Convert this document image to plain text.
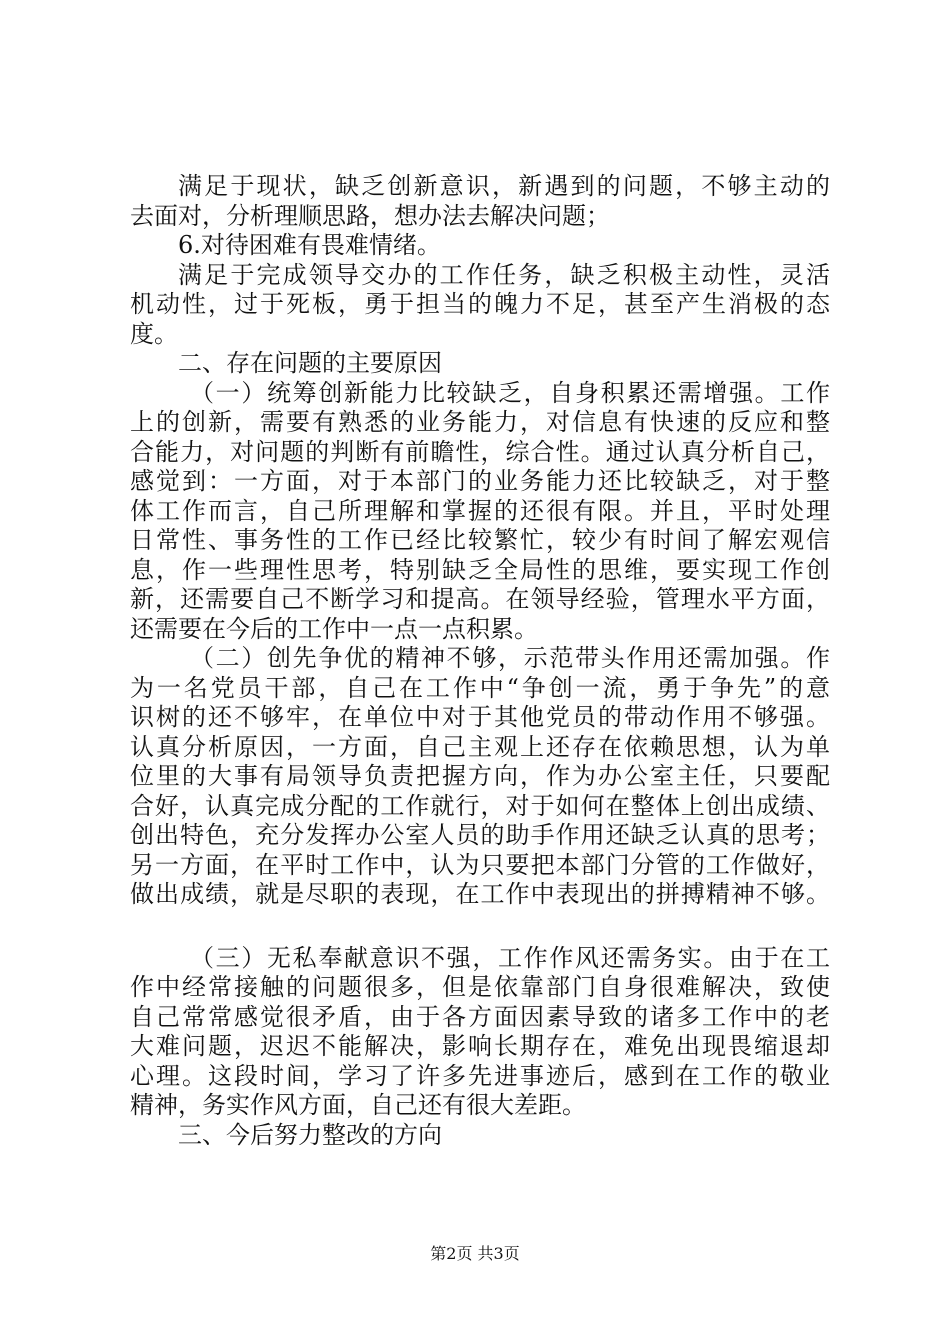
满足于现状，缺乏创新意识，新遇到的问题，不够主动的
去面对，分析理顺思路，想办法去解决问题；
6.对待困难有畏难情绪。
满足于完成领导交办的工作任务，缺乏积极主动性，灵活
机动性，过于死板，勇于担当的魄力不足，甚至产生消极的态
度。
二、存在问题的主要原因
（一）统筹创新能力比较缺乏，自身积累还需增强。工作
上的创新，需要有熟悉的业务能力，对信息有快速的反应和整
合能力，对问题的判断有前瞻性，综合性。通过认真分析自己，
感觉到：一方面，对于本部门的业务能力还比较缺乏，对于整
体工作而言，自己所理解和掌握的还很有限。并且，平时处理
日常性、事务性的工作已经比较繁忙，较少有时间了解宏观信
息，作一些理性思考，特别缺乏全局性的思维，要实现工作创
新，还需要自己不断学习和提高。在领导经验，管理水平方面，
还需要在今后的工作中一点一点积累。
（二）创先争优的精神不够，示范带头作用还需加强。作
为一名党员干部，自己在工作中“争创一流，勇于争先”的意
识树的还不够牢，在单位中对于其他党员的带动作用不够强。
认真分析原因，一方面，自己主观上还存在依赖思想，认为单
位里的大事有局领导负责把握方向，作为办公室主任，只要配
合好，认真完成分配的工作就行，对于如何在整体上创出成绩、
创出特色，充分发挥办公室人员的助手作用还缺乏认真的思考；
另一方面，在平时工作中，认为只要把本部门分管的工作做好，
做出成绩，就是尽职的表现，在工作中表现出的拼搏精神不够。
（三）无私奉献意识不强，工作作风还需务实。由于在工
作中经常接触的问题很多，但是依靠部门自身很难解决，致使
自己常常感觉很矛盾，由于各方面因素导致的诸多工作中的老
大难问题，迟迟不能解决，影响长期存在，难免出现畏缩退却
心理。这段时间，学习了许多先进事迹后，感到在工作的敬业
精神，务实作风方面，自己还有很大差距。
三、今后努力整改的方向
第2页 共3页
